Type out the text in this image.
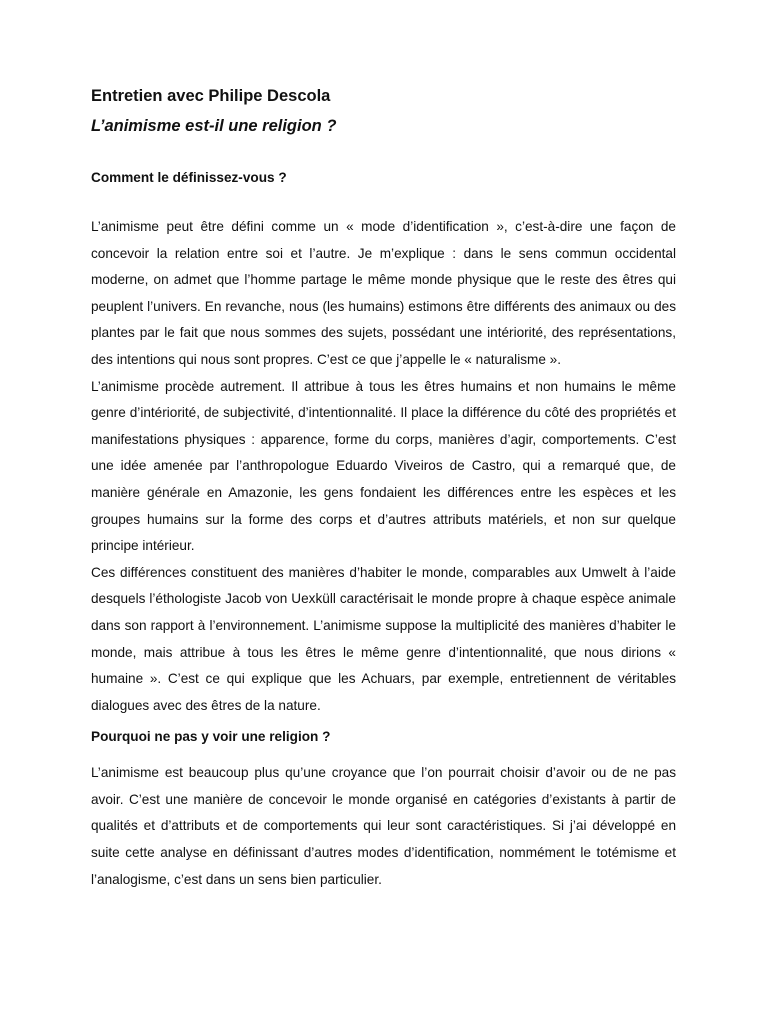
Entretien avec Philipe Descola
L’animisme est-il une religion ?
Comment le définissez-vous ?

L’animisme peut être défini comme un « mode d’identification », c’est-à-dire une façon de concevoir la relation entre soi et l’autre. Je m’explique : dans le sens commun occidental moderne, on admet que l’homme partage le même monde physique que le reste des êtres qui peuplent l’univers. En revanche, nous (les humains) estimons être différents des animaux ou des plantes par le fait que nous sommes des sujets, possédant une intériorité, des représentations, des intentions qui nous sont propres. C’est ce que j’appelle le « naturalisme ».

L’animisme procède autrement. Il attribue à tous les êtres humains et non humains le même genre d’intériorité, de subjectivité, d’intentionnalité. Il place la différence du côté des propriétés et manifestations physiques : apparence, forme du corps, manières d’agir, comportements. C’est une idée amenée par l’anthropologue Eduardo Viveiros de Castro, qui a remarqué que, de manière générale en Amazonie, les gens fondaient les différences entre les espèces et les groupes humains sur la forme des corps et d’autres attributs matériels, et non sur quelque principe intérieur.

Ces différences constituent des manières d’habiter le monde, comparables aux Umwelt à l’aide desquels l’éthologiste Jacob von Uexküll caractérisait le monde propre à chaque espèce animale dans son rapport à l’environnement. L’animisme suppose la multiplicité des manières d’habiter le monde, mais attribue à tous les êtres le même genre d’intentionnalité, que nous dirions « humaine ». C’est ce qui explique que les Achuars, par exemple, entretiennent de véritables dialogues avec des êtres de la nature.

Pourquoi ne pas y voir une religion ?

L’animisme est beaucoup plus qu’une croyance que l’on pourrait choisir d’avoir ou de ne pas avoir. C’est une manière de concevoir le monde organisé en catégories d’existants à partir de qualités et d’attributs et de comportements qui leur sont caractéristiques. Si j’ai développé en suite cette analyse en définissant d’autres modes d’identification, nommément le totémisme et l’analogisme, c’est dans un sens bien particulier.
